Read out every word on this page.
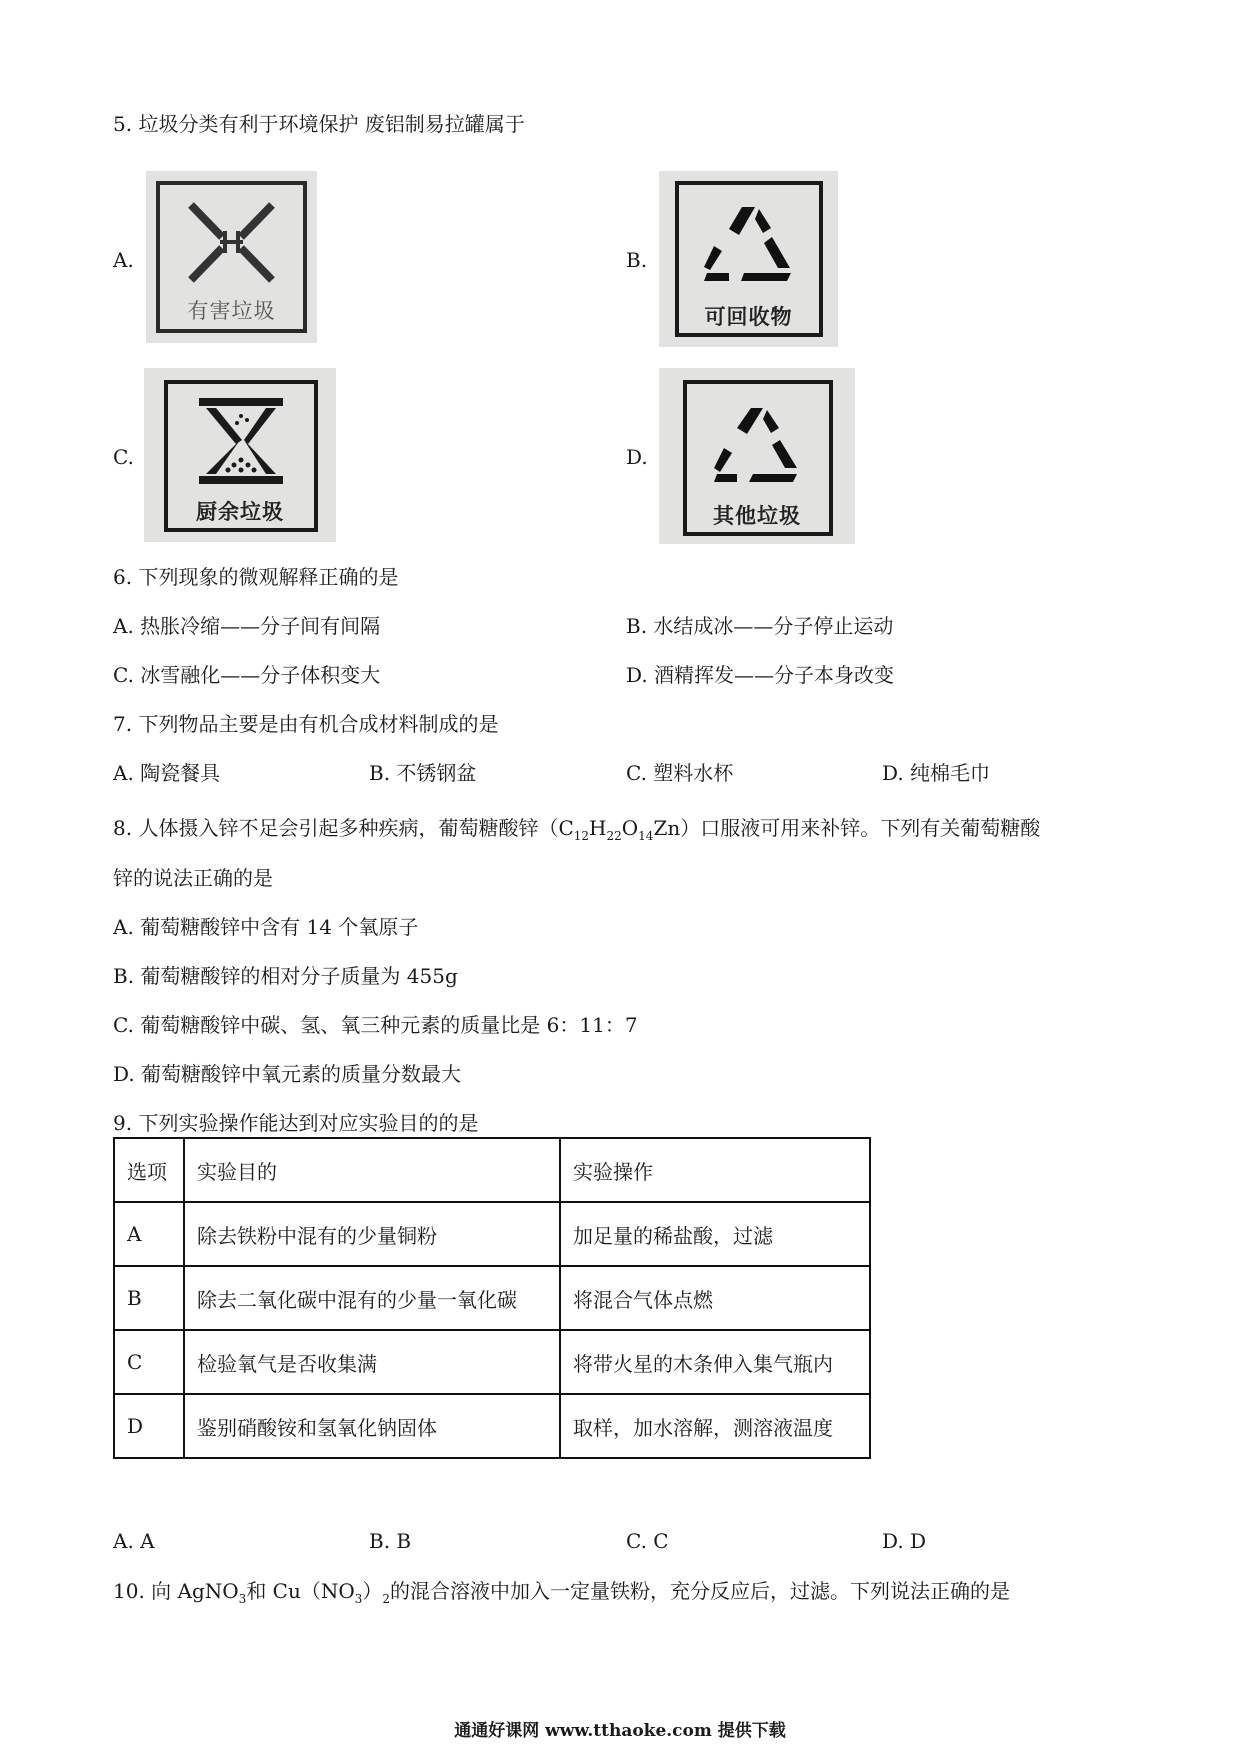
5. 垃圾分类有利于环境保护 废铝制易拉罐属于
A.
有害垃圾
B.
可回收物
C.
厨余垃圾
D.
其他垃圾
6. 下列现象的微观解释正确的是
A. 热胀冷缩——分子间有间隔	B. 水结成冰——分子停止运动
C. 冰雪融化——分子体积变大	D. 酒精挥发——分子本身改变
7. 下列物品主要是由有机合成材料制成的是
A. 陶瓷餐具	B. 不锈钢盆	C. 塑料水杯	D. 纯棉毛巾
8. 人体摄入锌不足会引起多种疾病，葡萄糖酸锌$(C_{12}H_{22}O_{14}Zn)$口服液可用来补锌。下列有关葡萄糖酸
锌的说法正确的是
A. 葡萄糖酸锌中含有 14 个氧原子
B. 葡萄糖酸锌的相对分子质量为 455g
C. 葡萄糖酸锌中碳、氢、氧三种元素的质量比是 6：11：7
D. 葡萄糖酸锌中氧元素的质量分数最大
9. 下列实验操作能达到对应实验目的的是
选项	实验目的	实验操作
A	除去铁粉中混有的少量铜粉	加足量的稀盐酸，过滤
B	除去二氧化碳中混有的少量一氧化碳	将混合气体点燃
C	检验氧气是否收集满	将带火星的木条伸入集气瓶内
D	鉴别硝酸铵和氢氧化钠固体	取样，加水溶解，测溶液温度
A. A	B. B	C. C	D. D
10. 向 AgNO$_3$和 $Cu(NO_3)_2$的混合溶液中加入一定量铁粉，充分反应后，过滤。下列说法正确的是
通通好课网 www.tthaoke.com 提供下载
